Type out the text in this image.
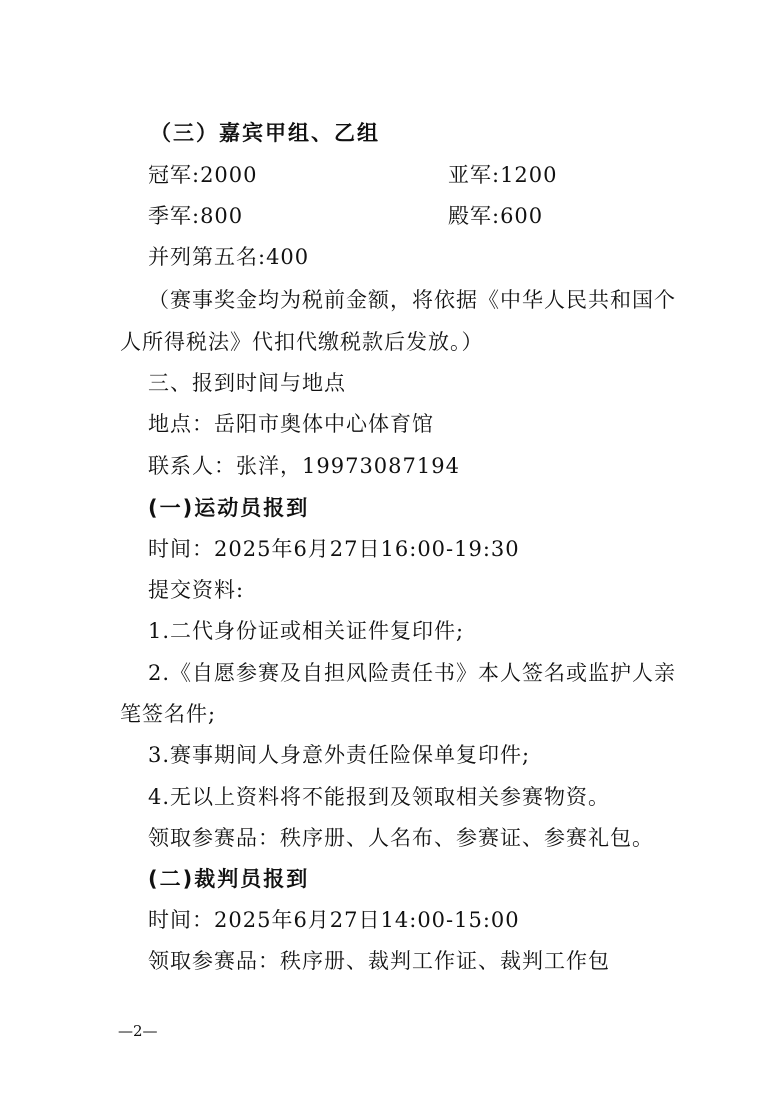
（三）嘉宾甲组、乙组
冠军:2000	亚军:1200
季军:800	殿军:600
并列第五名:400
（赛事奖金均为税前金额，将依据《中华人民共和国个
人所得税法》代扣代缴税款后发放。）
三、报到时间与地点
地点：岳阳市奥体中心体育馆
联系人：张洋，19973087194
(一)运动员报到
时间：2025年6月27日16:00-19:30
提交资料:
1.二代身份证或相关证件复印件;
2.《自愿参赛及自担风险责任书》本人签名或监护人亲
笔签名件;
3.赛事期间人身意外责任险保单复印件;
4.无以上资料将不能报到及领取相关参赛物资。
领取参赛品：秩序册、人名布、参赛证、参赛礼包。
(二)裁判员报到
时间：2025年6月27日14:00-15:00
领取参赛品：秩序册、裁判工作证、裁判工作包
—2—
